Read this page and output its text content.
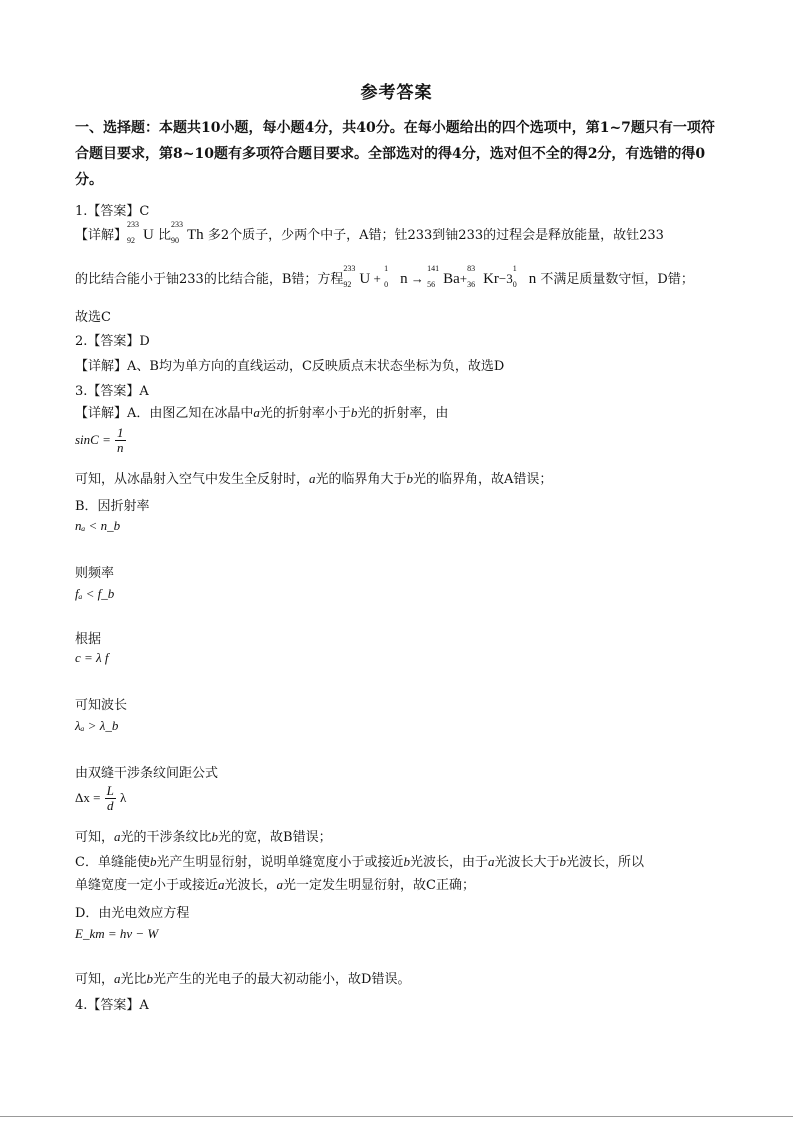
参考答案
一、选择题：本题共10小题，每小题4分，共40分。在每小题给出的四个选项中，第1~7题只有一项符合题目要求，第8~10题有多项符合题目要求。全部选对的得4分，选对但不全的得2分，有选错的得0分。
1.【答案】C
【详解】
233
92 U 比
233
90 Th 多2个质子，少两个中子，A错；钍233到铀233的过程会是释放能量，故钍233
的比结合能小于铀233的比结合能，B错；方程
233
92 U +
1
0 n →
141
56 Ba+
83
36 Kr−3
1
0 n 不满足质量数守恒，D错；
故选C
2.【答案】D
【详解】A、B均为单方向的直线运动，C反映质点末状态坐标为负，故选D
3.【答案】A
【详解】A．由图乙知在冰晶中a光的折射率小于b光的折射率，由
$\sin C = \frac{1}{n}$
可知，从冰晶射入空气中发生全反射时，a光的临界角大于b光的临界角，故A错误；
B．因折射率
nₐ < n_b
则频率
fₐ < f_b
根据
c = λ f
可知波长
λₐ > λ_b
由双缝干涉条纹间距公式
$\Delta x = \frac{L}{d}$ λ
可知，a光的干涉条纹比b光的宽，故B错误；
C．单缝能使b光产生明显衍射，说明单缝宽度小于或接近b光波长，由于a光波长大于b光波长，所以
单缝宽度一定小于或接近a光波长，a光一定发生明显衍射，故C正确；
D．由光电效应方程
E_km = hν − W
可知，a光比b光产生的光电子的最大初动能小，故D错误。
4.【答案】A
